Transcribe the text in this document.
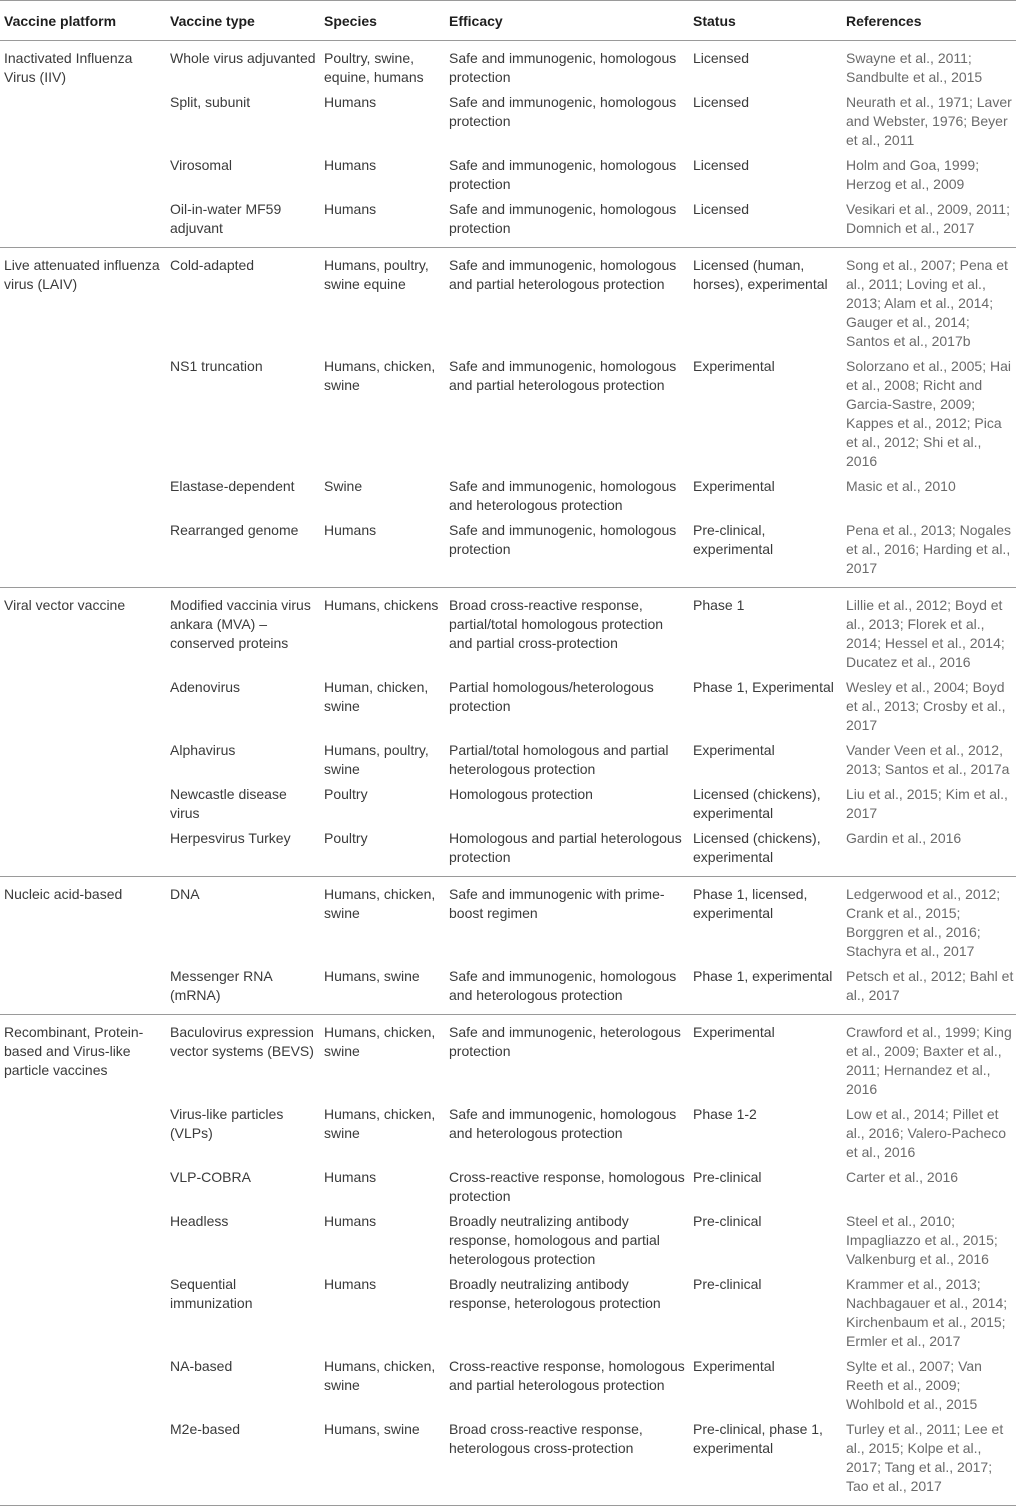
Vaccine platform	Vaccine type	Species	Efficacy	Status	References
Inactivated Influenza Virus (IIV)	Whole virus adjuvanted	Poultry, swine, equine, humans	Safe and immunogenic, homologous protection	Licensed	Swayne et al., 2011; Sandbulte et al., 2015
	Split, subunit	Humans	Safe and immunogenic, homologous protection	Licensed	Neurath et al., 1971; Laver and Webster, 1976; Beyer et al., 2011
	Virosomal	Humans	Safe and immunogenic, homologous protection	Licensed	Holm and Goa, 1999; Herzog et al., 2009
	Oil-in-water MF59 adjuvant	Humans	Safe and immunogenic, homologous protection	Licensed	Vesikari et al., 2009, 2011; Domnich et al., 2017
Live attenuated influenza virus (LAIV)	Cold-adapted	Humans, poultry, swine equine	Safe and immunogenic, homologous and partial heterologous protection	Licensed (human, horses), experimental	Song et al., 2007; Pena et al., 2011; Loving et al., 2013; Alam et al., 2014; Gauger et al., 2014; Santos et al., 2017b
	NS1 truncation	Humans, chicken, swine	Safe and immunogenic, homologous and partial heterologous protection	Experimental	Solorzano et al., 2005; Hai et al., 2008; Richt and Garcia-Sastre, 2009; Kappes et al., 2012; Pica et al., 2012; Shi et al., 2016
	Elastase-dependent	Swine	Safe and immunogenic, homologous and heterologous protection	Experimental	Masic et al., 2010
	Rearranged genome	Humans	Safe and immunogenic, homologous protection	Pre-clinical, experimental	Pena et al., 2013; Nogales et al., 2016; Harding et al., 2017
Viral vector vaccine	Modified vaccinia virus ankara (MVA) – conserved proteins	Humans, chickens	Broad cross-reactive response, partial/total homologous protection and partial cross-protection	Phase 1	Lillie et al., 2012; Boyd et al., 2013; Florek et al., 2014; Hessel et al., 2014; Ducatez et al., 2016
	Adenovirus	Human, chicken, swine	Partial homologous/heterologous protection	Phase 1, Experimental	Wesley et al., 2004; Boyd et al., 2013; Crosby et al., 2017
	Alphavirus	Humans, poultry, swine	Partial/total homologous and partial heterologous protection	Experimental	Vander Veen et al., 2012, 2013; Santos et al., 2017a
	Newcastle disease virus	Poultry	Homologous protection	Licensed (chickens), experimental	Liu et al., 2015; Kim et al., 2017
	Herpesvirus Turkey	Poultry	Homologous and partial heterologous protection	Licensed (chickens), experimental	Gardin et al., 2016
Nucleic acid-based	DNA	Humans, chicken, swine	Safe and immunogenic with prime-boost regimen	Phase 1, licensed, experimental	Ledgerwood et al., 2012; Crank et al., 2015; Borggren et al., 2016; Stachyra et al., 2017
	Messenger RNA (mRNA)	Humans, swine	Safe and immunogenic, homologous and heterologous protection	Phase 1, experimental	Petsch et al., 2012; Bahl et al., 2017
Recombinant, Protein-based and Virus-like particle vaccines	Baculovirus expression vector systems (BEVS)	Humans, chicken, swine	Safe and immunogenic, heterologous protection	Experimental	Crawford et al., 1999; King et al., 2009; Baxter et al., 2011; Hernandez et al., 2016
	Virus-like particles (VLPs)	Humans, chicken, swine	Safe and immunogenic, homologous and heterologous protection	Phase 1-2	Low et al., 2014; Pillet et al., 2016; Valero-Pacheco et al., 2016
	VLP-COBRA	Humans	Cross-reactive response, homologous protection	Pre-clinical	Carter et al., 2016
	Headless	Humans	Broadly neutralizing antibody response, homologous and partial heterologous protection	Pre-clinical	Steel et al., 2010; Impagliazzo et al., 2015; Valkenburg et al., 2016
	Sequential immunization	Humans	Broadly neutralizing antibody response, heterologous protection	Pre-clinical	Krammer et al., 2013; Nachbagauer et al., 2014; Kirchenbaum et al., 2015; Ermler et al., 2017
	NA-based	Humans, chicken, swine	Cross-reactive response, homologous and partial heterologous protection	Experimental	Sylte et al., 2007; Van Reeth et al., 2009; Wohlbold et al., 2015
	M2e-based	Humans, swine	Broad cross-reactive response, heterologous cross-protection	Pre-clinical, phase 1, experimental	Turley et al., 2011; Lee et al., 2015; Kolpe et al., 2017; Tang et al., 2017; Tao et al., 2017
